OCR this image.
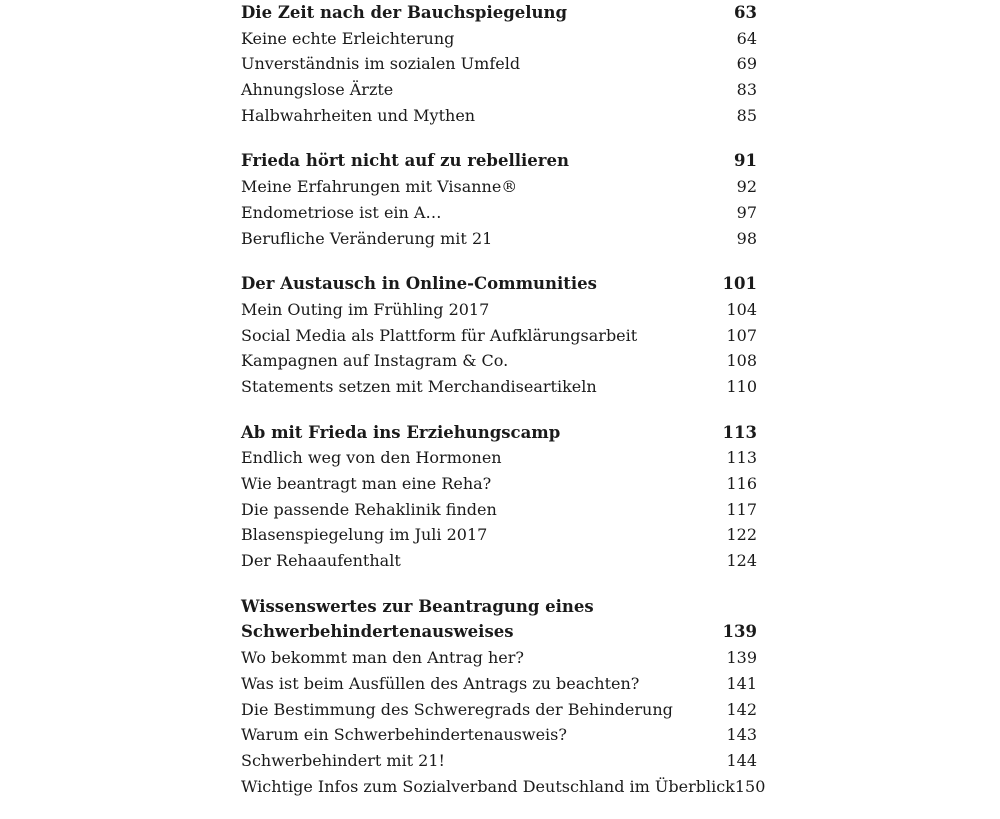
Die Zeit nach der Bauchspiegelung	63
Keine echte Erleichterung	64
Unverständnis im sozialen Umfeld	69
Ahnungslose Ärzte	83
Halbwahrheiten und Mythen	85
Frieda hört nicht auf zu rebellieren	91
Meine Erfahrungen mit Visanne®	92
Endometriose ist ein A…	97
Berufliche Veränderung mit 21	98
Der Austausch in Online-Communities	101
Mein Outing im Frühling 2017	104
Social Media als Plattform für Aufklärungsarbeit	107
Kampagnen auf Instagram & Co.	108
Statements setzen mit Merchandiseartikeln	110
Ab mit Frieda ins Erziehungscamp	113
Endlich weg von den Hormonen	113
Wie beantragt man eine Reha?	116
Die passende Rehaklinik finden	117
Blasenspiegelung im Juli 2017	122
Der Rehaaufenthalt	124
Wissenswertes zur Beantragung eines
Schwerbehindertenausweises	139
Wo bekommt man den Antrag her?	139
Was ist beim Ausfüllen des Antrags zu beachten?	141
Die Bestimmung des Schweregrads der Behinderung	142
Warum ein Schwerbehindertenausweis?	143
Schwerbehindert mit 21!	144
Wichtige Infos zum Sozialverband Deutschland im Überblick 150
